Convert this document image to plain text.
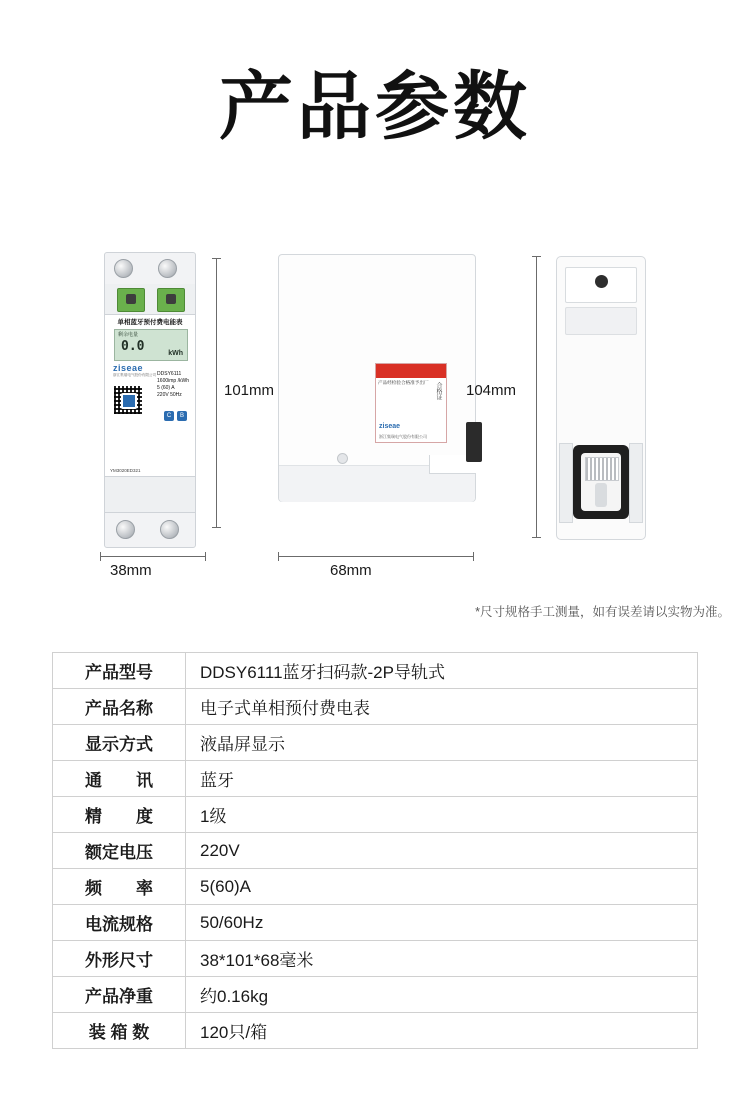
产品参数
单相蓝牙预付费电能表
剩余电量
0.0	kWh
ziseae
浙江集瑞电气股份有限公司 DDSY6111
1600imp /kWh
5 (60) A
220V 50Hz
C	B
YM3020ED321
产品经检验合格准予出厂
ziseae
浙江集瑞电气股份有限公司
合格证
101mm
38mm	68mm
104mm
*尺寸规格手工测量，如有误差请以实物为准。
产品型号	DDSY6111蓝牙扫码款-2P导轨式
产品名称	电子式单相预付费电表
显示方式	液晶屏显示
通　　讯	蓝牙
精　　度	1级
额定电压	220V
频　　率	5(60)A
电流规格	50/60Hz
外形尺寸	38*101*68毫米
产品净重	约0.16kg
装 箱 数	120只/箱
